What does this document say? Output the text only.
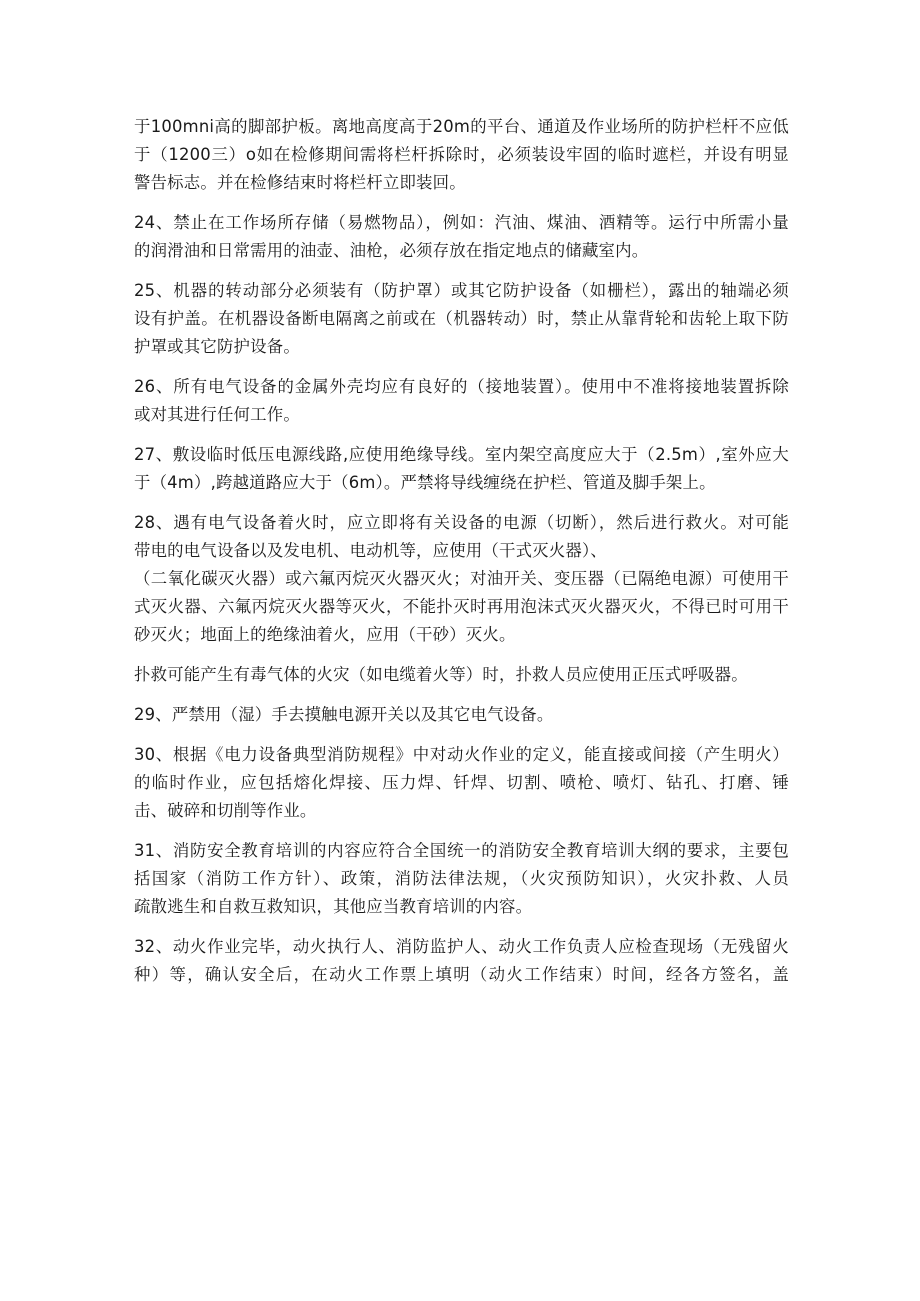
于100mni高的脚部护板。离地高度高于20m的平台、通道及作业场所的防护栏杆不应低
于（1200三）o如在检修期间需将栏杆拆除时，必须装设牢固的临时遮栏，并设有明显
警告标志。并在检修结束时将栏杆立即装回。

24、禁止在工作场所存储（易燃物品），例如：汽油、煤油、酒精等。运行中所需小量
的润滑油和日常需用的油壶、油枪，必须存放在指定地点的储藏室内。

25、机器的转动部分必须装有（防护罩）或其它防护设备（如栅栏），露出的轴端必须
设有护盖。在机器设备断电隔离之前或在（机器转动）时，禁止从靠背轮和齿轮上取下防
护罩或其它防护设备。

26、所有电气设备的金属外壳均应有良好的（接地装置）。使用中不准将接地装置拆除
或对其进行任何工作。

27、敷设临时低压电源线路,应使用绝缘导线。室内架空高度应大于（2.5m）,室外应大
于（4m）,跨越道路应大于（6m）。严禁将导线缠绕在护栏、管道及脚手架上。

28、遇有电气设备着火时，应立即将有关设备的电源（切断），然后进行救火。对可能
带电的电气设备以及发电机、电动机等，应使用（干式灭火器）、
（二氧化碳灭火器）或六氟丙烷灭火器灭火；对油开关、变压器（已隔绝电源）可使用干
式灭火器、六氟丙烷灭火器等灭火，不能扑灭时再用泡沫式灭火器灭火，不得已时可用干
砂灭火；地面上的绝缘油着火，应用（干砂）灭火。

扑救可能产生有毒气体的火灾（如电缆着火等）时，扑救人员应使用正压式呼吸器。

29、严禁用（湿）手去摸触电源开关以及其它电气设备。

30、根据《电力设备典型消防规程》中对动火作业的定义，能直接或间接（产生明火）
的临时作业，应包括熔化焊接、压力焊、钎焊、切割、喷枪、喷灯、钻孔、打磨、锤
击、破碎和切削等作业。

31、消防安全教育培训的内容应符合全国统一的消防安全教育培训大纲的要求，主要包
括国家（消防工作方针）、政策，消防法律法规，（火灾预防知识），火灾扑救、人员
疏散逃生和自救互救知识，其他应当教育培训的内容。

32、动火作业完毕，动火执行人、消防监护人、动火工作负责人应检查现场（无残留火
种）等，确认安全后，在动火工作票上填明（动火工作结束）时间，经各方签名，盖
